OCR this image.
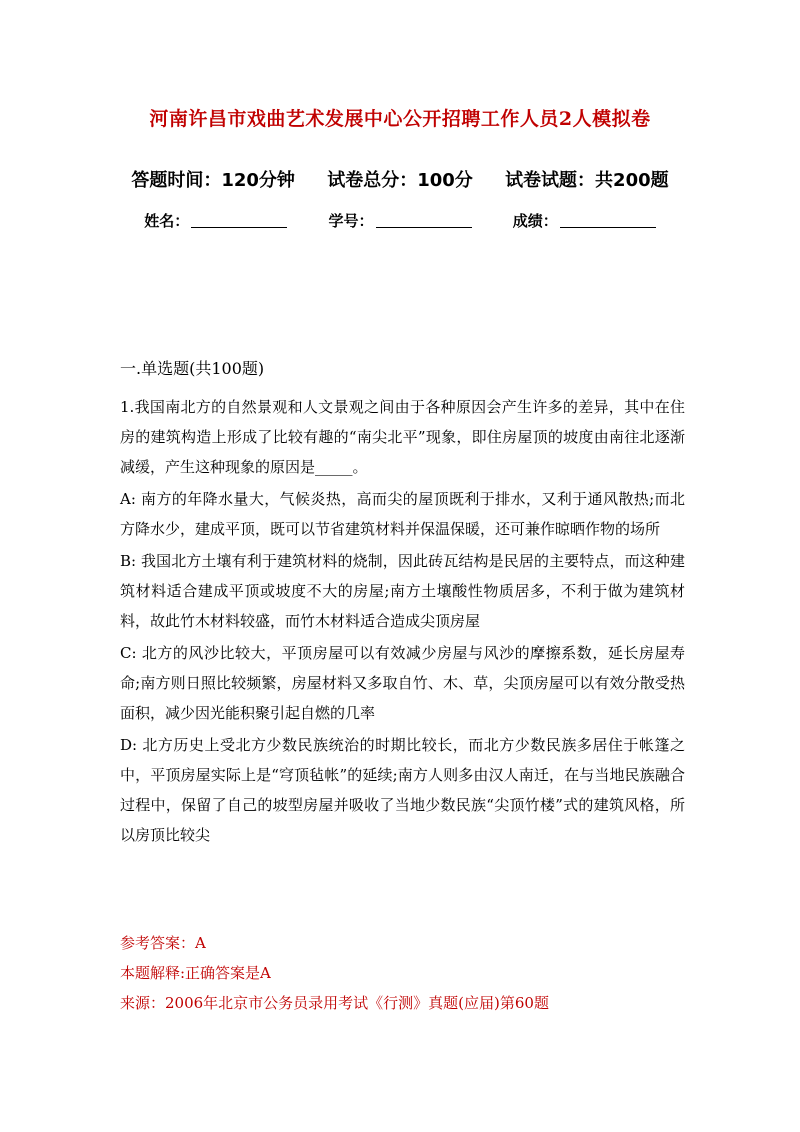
河南许昌市戏曲艺术发展中心公开招聘工作人员2人模拟卷
答题时间：120分钟 试卷总分：100分 试卷试题：共200题
姓名：	学号：	成绩：
一.单选题(共100题)

1.我国南北方的自然景观和人文景观之间由于各种原因会产生许多的差异，其中在住房的建筑构造上形成了比较有趣的“南尖北平”现象，即住房屋顶的坡度由南往北逐渐减缓，产生这种现象的原因是_____。

A: 南方的年降水量大，气候炎热，高而尖的屋顶既利于排水，又利于通风散热;而北方降水少，建成平顶，既可以节省建筑材料并保温保暖，还可兼作晾晒作物的场所

B: 我国北方土壤有利于建筑材料的烧制，因此砖瓦结构是民居的主要特点，而这种建筑材料适合建成平顶或坡度不大的房屋;南方土壤酸性物质居多，不利于做为建筑材料，故此竹木材料较盛，而竹木材料适合造成尖顶房屋

C: 北方的风沙比较大，平顶房屋可以有效减少房屋与风沙的摩擦系数，延长房屋寿命;南方则日照比较频繁，房屋材料又多取自竹、木、草，尖顶房屋可以有效分散受热面积，减少因光能积聚引起自燃的几率

D: 北方历史上受北方少数民族统治的时期比较长，而北方少数民族多居住于帐篷之中，平顶房屋实际上是“穹顶毡帐”的延续;南方人则多由汉人南迁，在与当地民族融合过程中，保留了自己的坡型房屋并吸收了当地少数民族“尖顶竹楼”式的建筑风格，所以房顶比较尖

参考答案：A

本题解释:正确答案是A

来源：2006年北京市公务员录用考试《行测》真题(应届)第60题
